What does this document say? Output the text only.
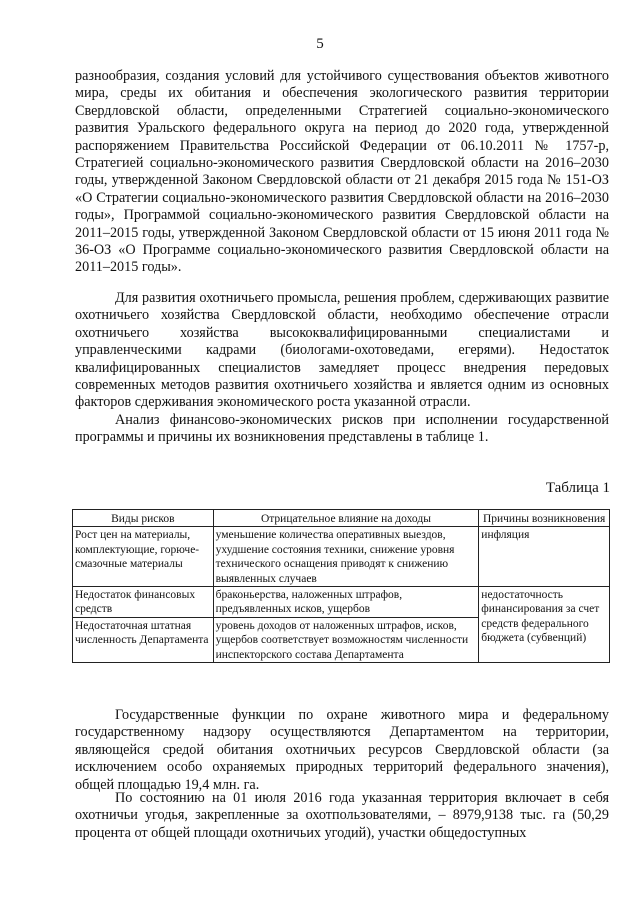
5
разнообразия, создания условий для устойчивого существования объектов животного мира, среды их обитания и обеспечения экологического развития территории Свердловской области, определенными Стратегией социально-экономического развития Уральского федерального округа на период до 2020 года, утвержденной распоряжением Правительства Российской Федерации от 06.10.2011 № 1757-р, Стратегией социально-экономического развития Свердловской области на 2016–2030 годы, утвержденной Законом Свердловской области от 21 декабря 2015 года № 151-ОЗ «О Стратегии социально-экономического развития Свердловской области на 2016–2030 годы», Программой социально-экономического развития Свердловской области на 2011–2015 годы, утвержденной Законом Свердловской области от 15 июня 2011 года № 36-ОЗ «О Программе социально-экономического развития Свердловской области на 2011–2015 годы».
Для развития охотничьего промысла, решения проблем, сдерживающих развитие охотничьего хозяйства Свердловской области, необходимо обеспечение отрасли охотничьего хозяйства высококвалифицированными специалистами и управленческими кадрами (биологами-охотоведами, егерями). Недостаток квалифицированных специалистов замедляет процесс внедрения передовых современных методов развития охотничьего хозяйства и является одним из основных факторов сдерживания экономического роста указанной отрасли.
Анализ финансово-экономических рисков при исполнении государственной программы и причины их возникновения представлены в таблице 1.
Таблица 1
Виды рисков	Отрицательное влияние на доходы	Причины возникновения
Рост цен на материалы, комплектующие, горюче-смазочные материалы	уменьшение количества оперативных выездов, ухудшение состояния техники, снижение уровня технического оснащения приводят к снижению выявленных случаев	инфляция
Недостаток финансовых средств	браконьерства, наложенных штрафов, предъявленных исков, ущербов	недостаточность финансирования за счет средств федерального бюджета (субвенций)
Недостаточная штатная численность Департамента	уровень доходов от наложенных штрафов, исков, ущербов соответствует возможностям численности инспекторского состава Департамента	
Государственные функции по охране животного мира и федеральному государственному надзору осуществляются Департаментом на территории, являющейся средой обитания охотничьих ресурсов Свердловской области (за исключением особо охраняемых природных территорий федерального значения), общей площадью 19,4 млн. га.
По состоянию на 01 июля 2016 года указанная территория включает в себя охотничьи угодья, закрепленные за охотпользователями, – 8979,9138 тыс. га (50,29 процента от общей площади охотничьих угодий), участки общедоступных
